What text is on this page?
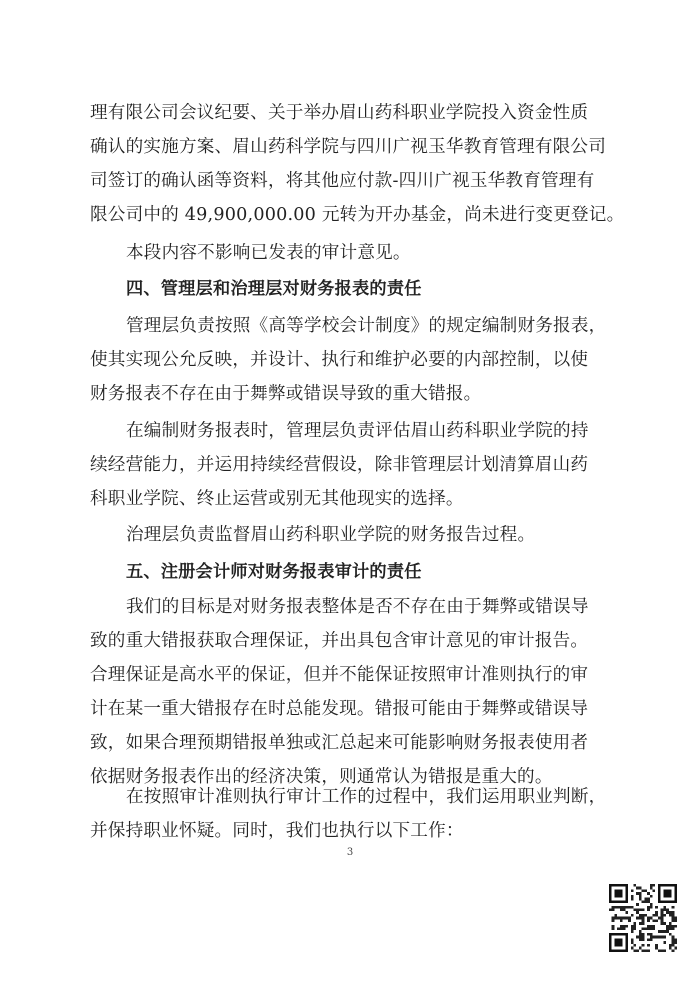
理有限公司会议纪要、关于举办眉山药科职业学院投入资金性质
确认的实施方案、眉山药科学院与四川广视玉华教育管理有限公司
司签订的确认函等资料，将其他应付款-四川广视玉华教育管理有
限公司中的 49,900,000.00 元转为开办基金，尚未进行变更登记。
本段内容不影响已发表的审计意见。
四、管理层和治理层对财务报表的责任
管理层负责按照《高等学校会计制度》的规定编制财务报表，
使其实现公允反映，并设计、执行和维护必要的内部控制，以使
财务报表不存在由于舞弊或错误导致的重大错报。
在编制财务报表时，管理层负责评估眉山药科职业学院的持
续经营能力，并运用持续经营假设，除非管理层计划清算眉山药
科职业学院、终止运营或别无其他现实的选择。
治理层负责监督眉山药科职业学院的财务报告过程。
五、注册会计师对财务报表审计的责任
我们的目标是对财务报表整体是否不存在由于舞弊或错误导
致的重大错报获取合理保证，并出具包含审计意见的审计报告。
合理保证是高水平的保证，但并不能保证按照审计准则执行的审
计在某一重大错报存在时总能发现。错报可能由于舞弊或错误导
致，如果合理预期错报单独或汇总起来可能影响财务报表使用者
依据财务报表作出的经济决策，则通常认为错报是重大的。
在按照审计准则执行审计工作的过程中，我们运用职业判断，
并保持职业怀疑。同时，我们也执行以下工作：
3
